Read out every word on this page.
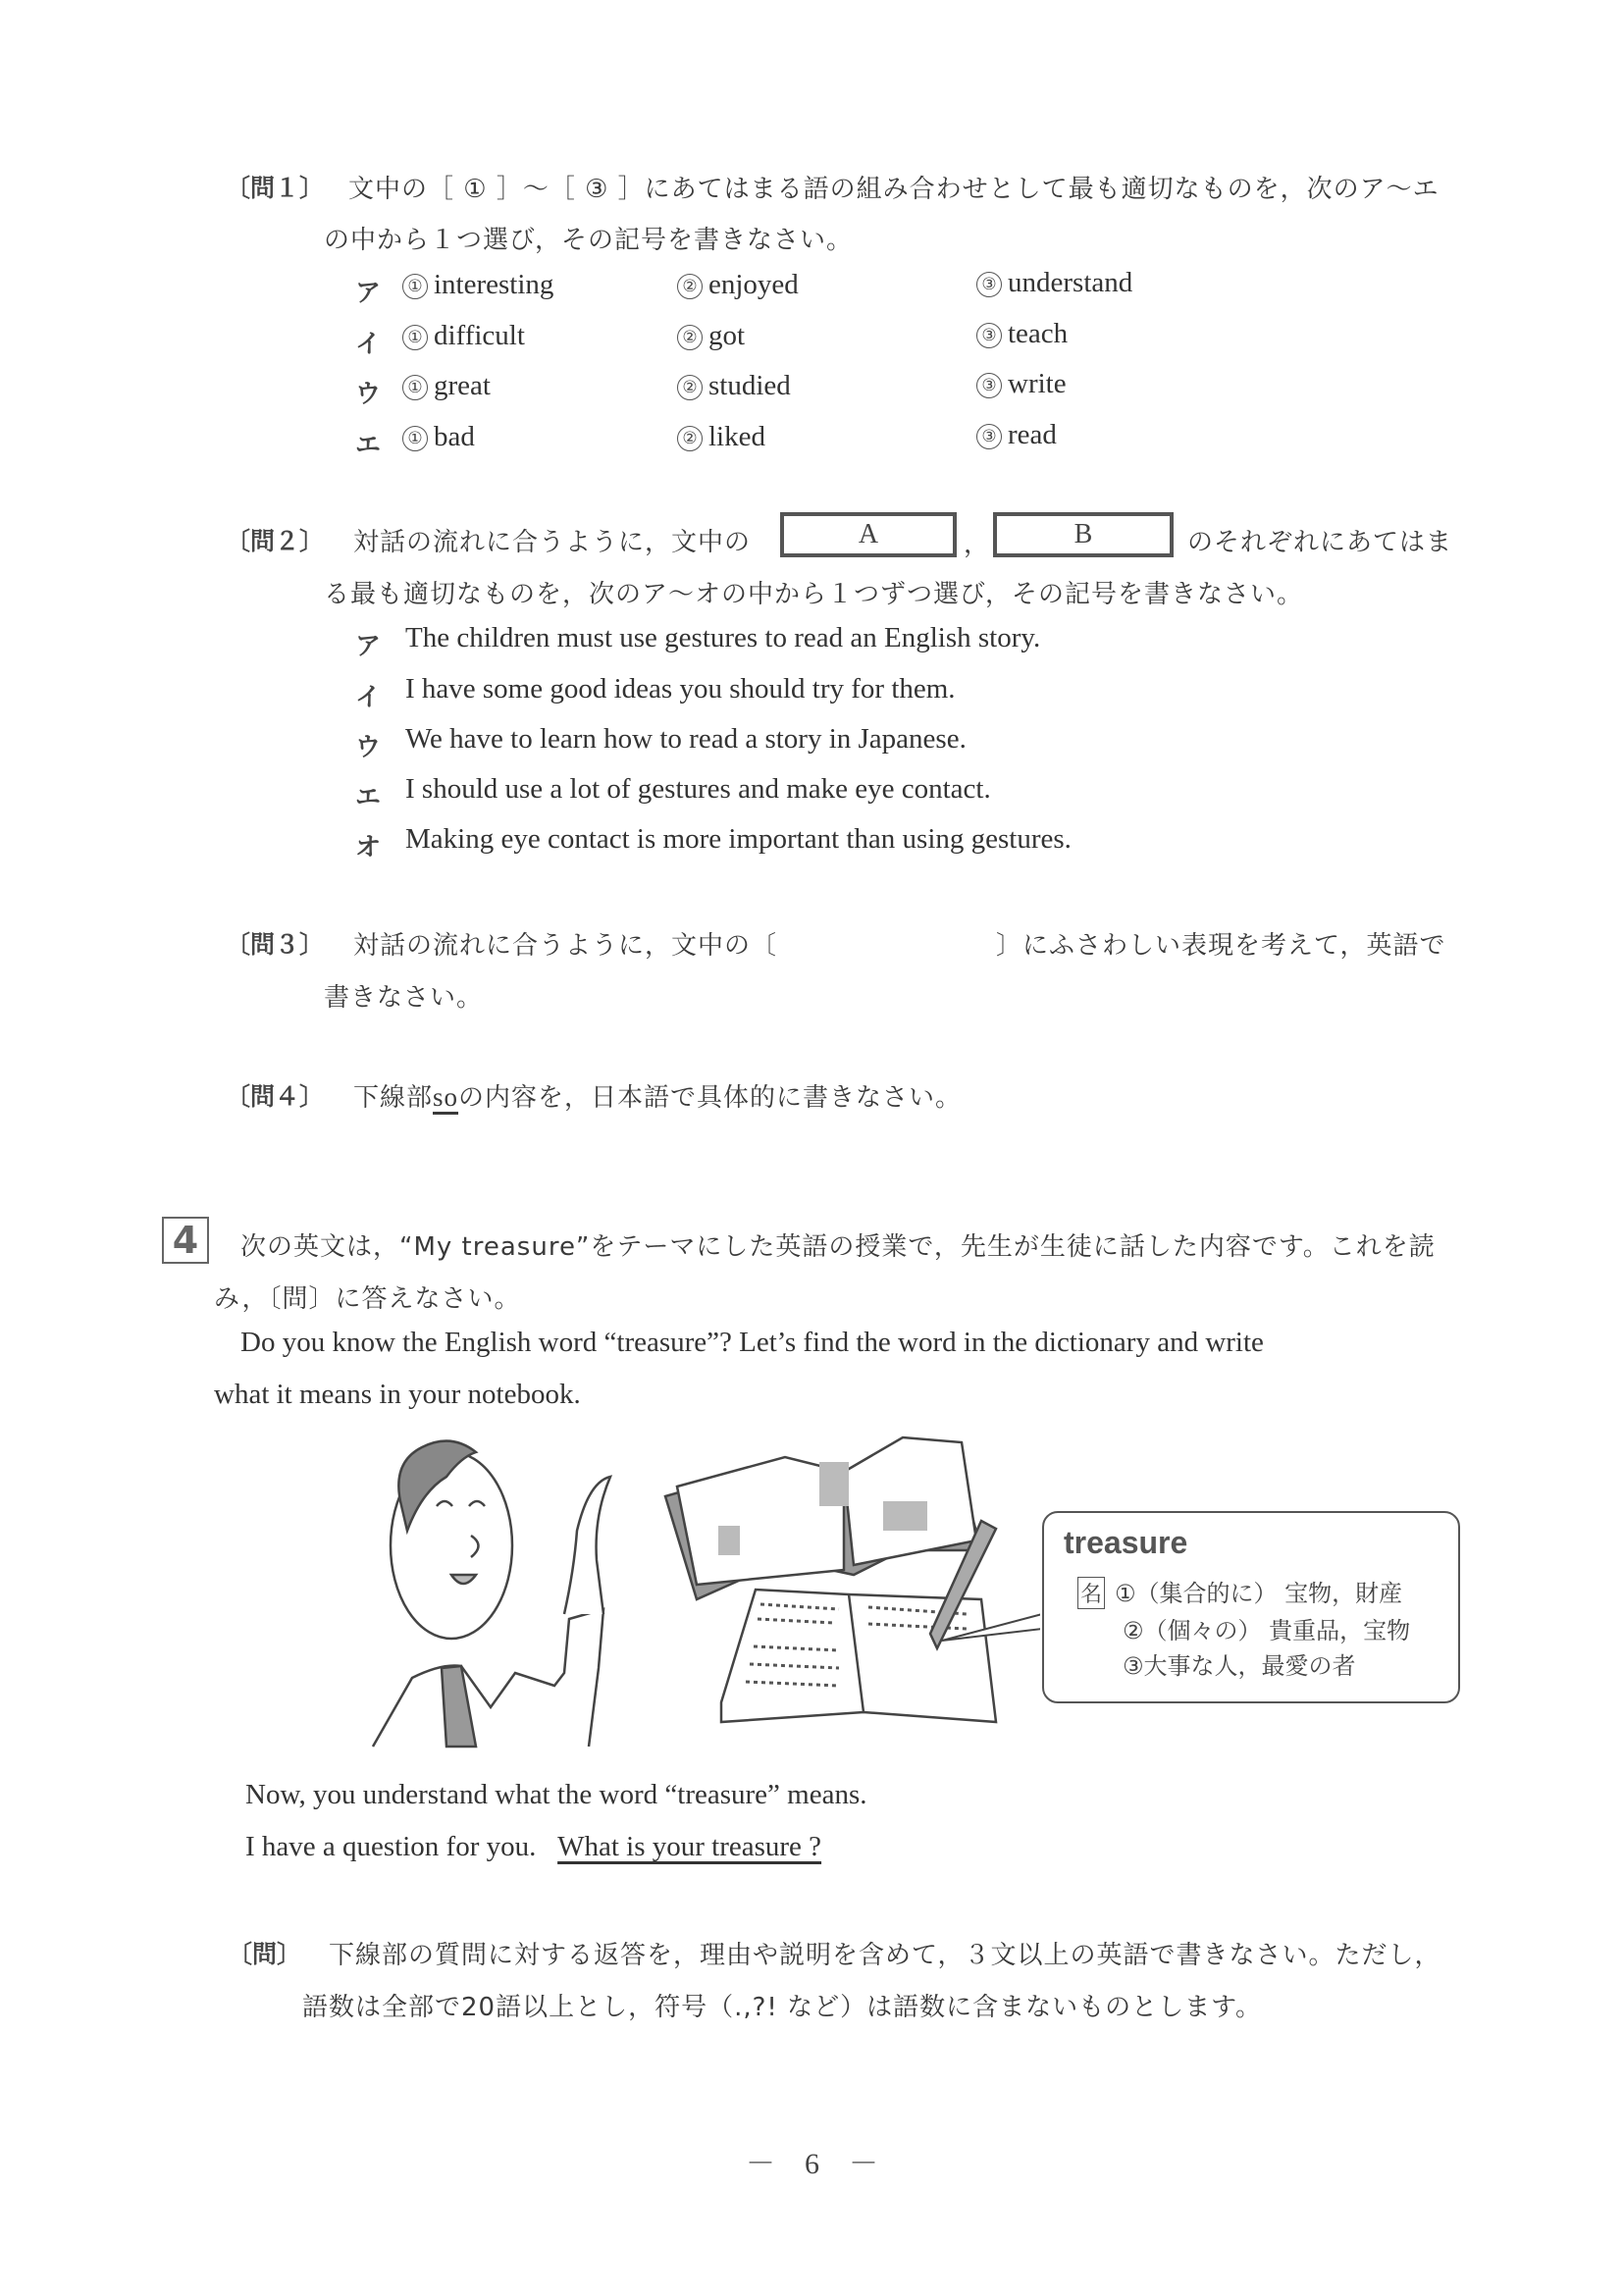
〔問１〕 文中の［ ① ］～［ ③ ］にあてはまる語の組み合わせとして最も適切なものを，次のア～エ
の中から１つ選び，その記号を書きなさい。
ア	① interesting	② enjoyed	③ understand
イ	① difficult	② got	③ teach
ウ	① great	② studied	③ write
エ	① bad	② liked	③ read
〔問２〕 対話の流れに合うように，文中の	A	，	B	のそれぞれにあてはま
る最も適切なものを，次のア～オの中から１つずつ選び，その記号を書きなさい。
ア The children must use gestures to read an English story.
イ I have some good ideas you should try for them.
ウ We have to learn how to read a story in Japanese.
エ I should use a lot of gestures and make eye contact.
オ Making eye contact is more important than using gestures.
〔問３〕 対話の流れに合うように，文中の〔	〕にふさわしい表現を考えて，英語で
書きなさい。
〔問４〕 下線部soの内容を，日本語で具体的に書きなさい。
4	次の英文は，“My treasure”をテーマにした英語の授業で，先生が生徒に話した内容です。これを読
み，〔問〕に答えなさい。
Do you know the English word “treasure”? Let’s find the word in the dictionary and write
what it means in your notebook.
treasure
名 ①（集合的に） 宝物，財産
②（個々の） 貴重品，宝物
③大事な人，最愛の者
Now, you understand what the word “treasure” means.
I have a question for you. What is your treasure ?
〔問〕 下線部の質問に対する返答を，理由や説明を含めて，３文以上の英語で書きなさい。ただし，
語数は全部で20語以上とし，符号（.,?! など）は語数に含まないものとします。
－　6　－
